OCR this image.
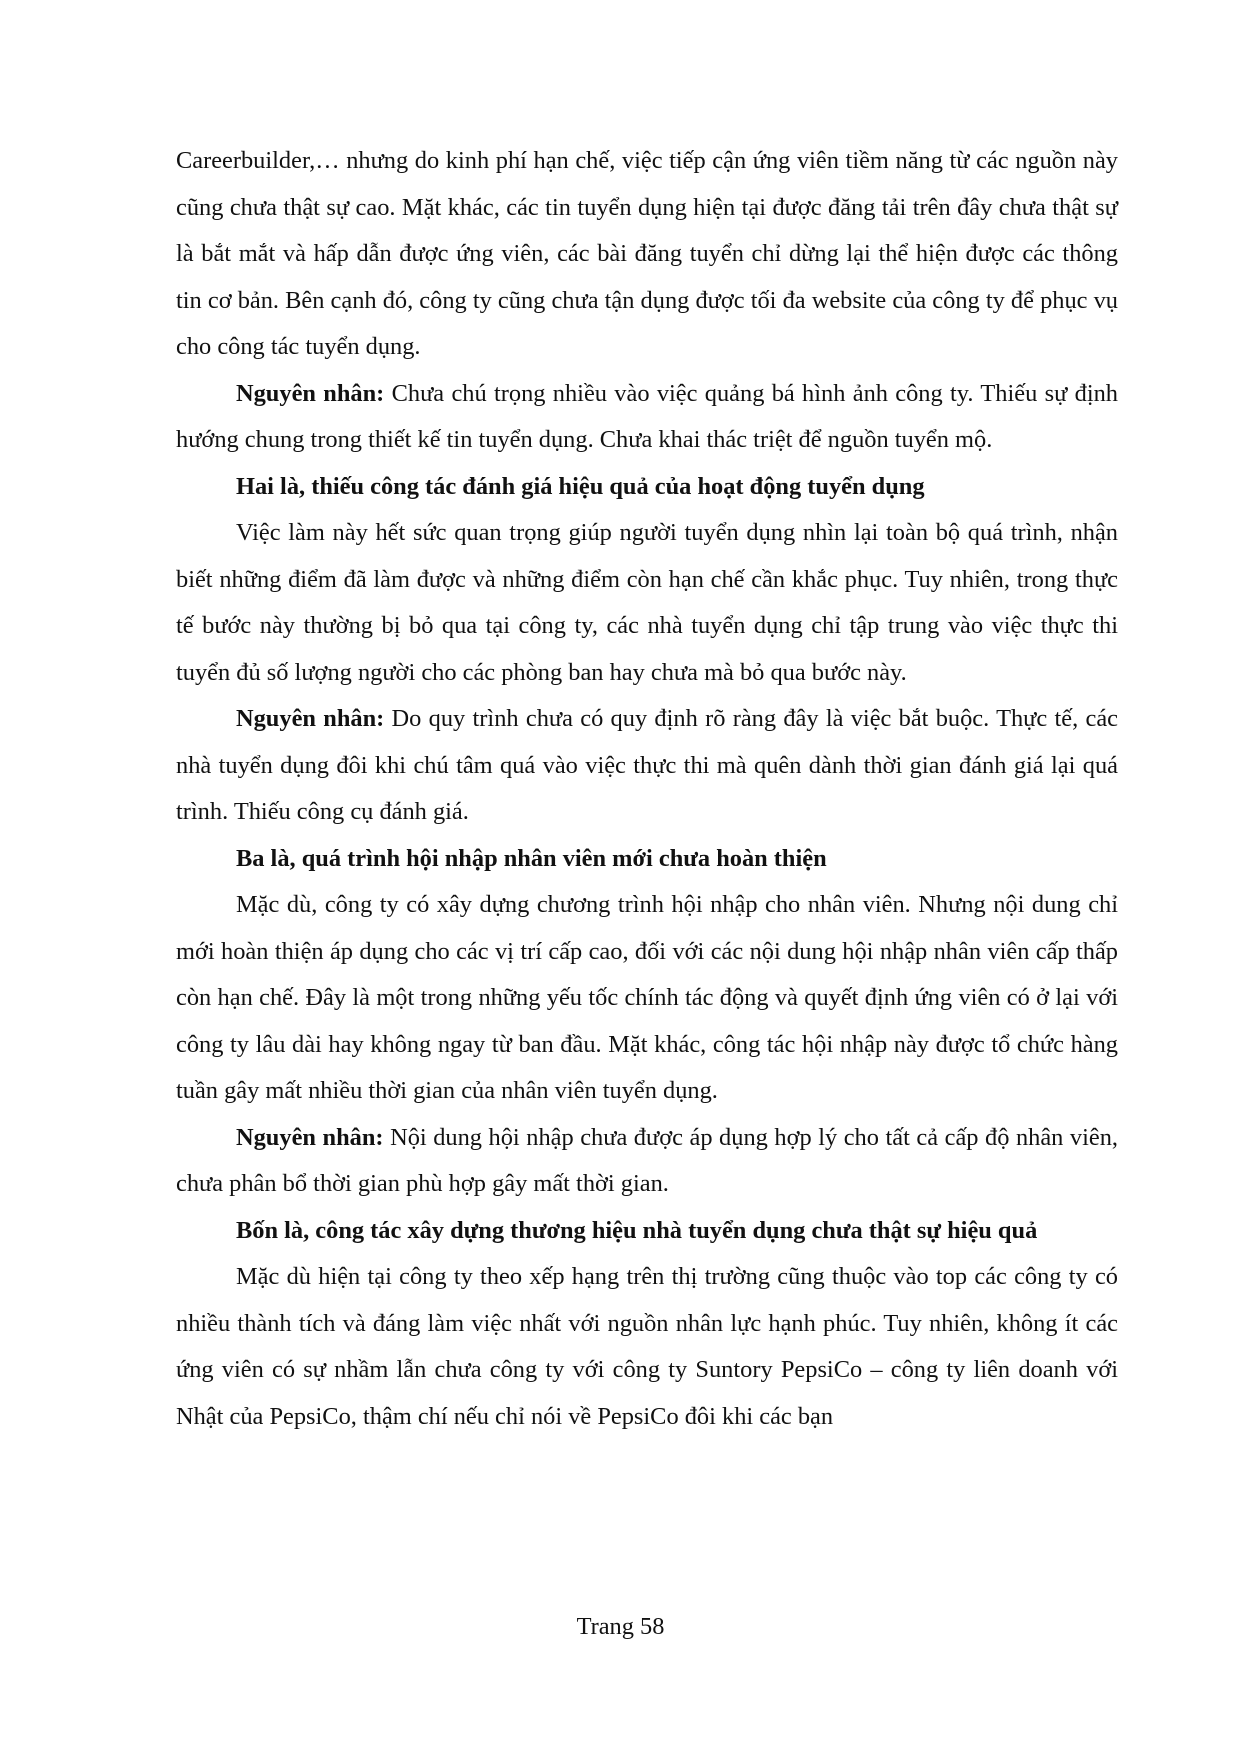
Careerbuilder,… nhưng do kinh phí hạn chế, việc tiếp cận ứng viên tiềm năng từ các nguồn này cũng chưa thật sự cao. Mặt khác, các tin tuyển dụng hiện tại được đăng tải trên đây chưa thật sự là bắt mắt và hấp dẫn được ứng viên, các bài đăng tuyển chỉ dừng lại thể hiện được các thông tin cơ bản. Bên cạnh đó, công ty cũng chưa tận dụng được tối đa website của công ty để phục vụ cho công tác tuyển dụng.

Nguyên nhân: Chưa chú trọng nhiều vào việc quảng bá hình ảnh công ty. Thiếu sự định hướng chung trong thiết kế tin tuyển dụng. Chưa khai thác triệt để nguồn tuyển mộ.

Hai là, thiếu công tác đánh giá hiệu quả của hoạt động tuyển dụng

Việc làm này hết sức quan trọng giúp người tuyển dụng nhìn lại toàn bộ quá trình, nhận biết những điểm đã làm được và những điểm còn hạn chế cần khắc phục. Tuy nhiên, trong thực tế bước này thường bị bỏ qua tại công ty, các nhà tuyển dụng chỉ tập trung vào việc thực thi tuyển đủ số lượng người cho các phòng ban hay chưa mà bỏ qua bước này.

Nguyên nhân: Do quy trình chưa có quy định rõ ràng đây là việc bắt buộc. Thực tế, các nhà tuyển dụng đôi khi chú tâm quá vào việc thực thi mà quên dành thời gian đánh giá lại quá trình. Thiếu công cụ đánh giá.

Ba là, quá trình hội nhập nhân viên mới chưa hoàn thiện

Mặc dù, công ty có xây dựng chương trình hội nhập cho nhân viên. Nhưng nội dung chỉ mới hoàn thiện áp dụng cho các vị trí cấp cao, đối với các nội dung hội nhập nhân viên cấp thấp còn hạn chế. Đây là một trong những yếu tốc chính tác động và quyết định ứng viên có ở lại với công ty lâu dài hay không ngay từ ban đầu. Mặt khác, công tác hội nhập này được tổ chức hàng tuần gây mất nhiều thời gian của nhân viên tuyển dụng.

Nguyên nhân: Nội dung hội nhập chưa được áp dụng hợp lý cho tất cả cấp độ nhân viên, chưa phân bổ thời gian phù hợp gây mất thời gian.

Bốn là, công tác xây dựng thương hiệu nhà tuyển dụng chưa thật sự hiệu quả

Mặc dù hiện tại công ty theo xếp hạng trên thị trường cũng thuộc vào top các công ty có nhiều thành tích và đáng làm việc nhất với nguồn nhân lực hạnh phúc. Tuy nhiên, không ít các ứng viên có sự nhầm lẫn chưa công ty với công ty Suntory PepsiCo – công ty liên doanh với Nhật của PepsiCo, thậm chí nếu chỉ nói về PepsiCo đôi khi các bạn

Trang 58
